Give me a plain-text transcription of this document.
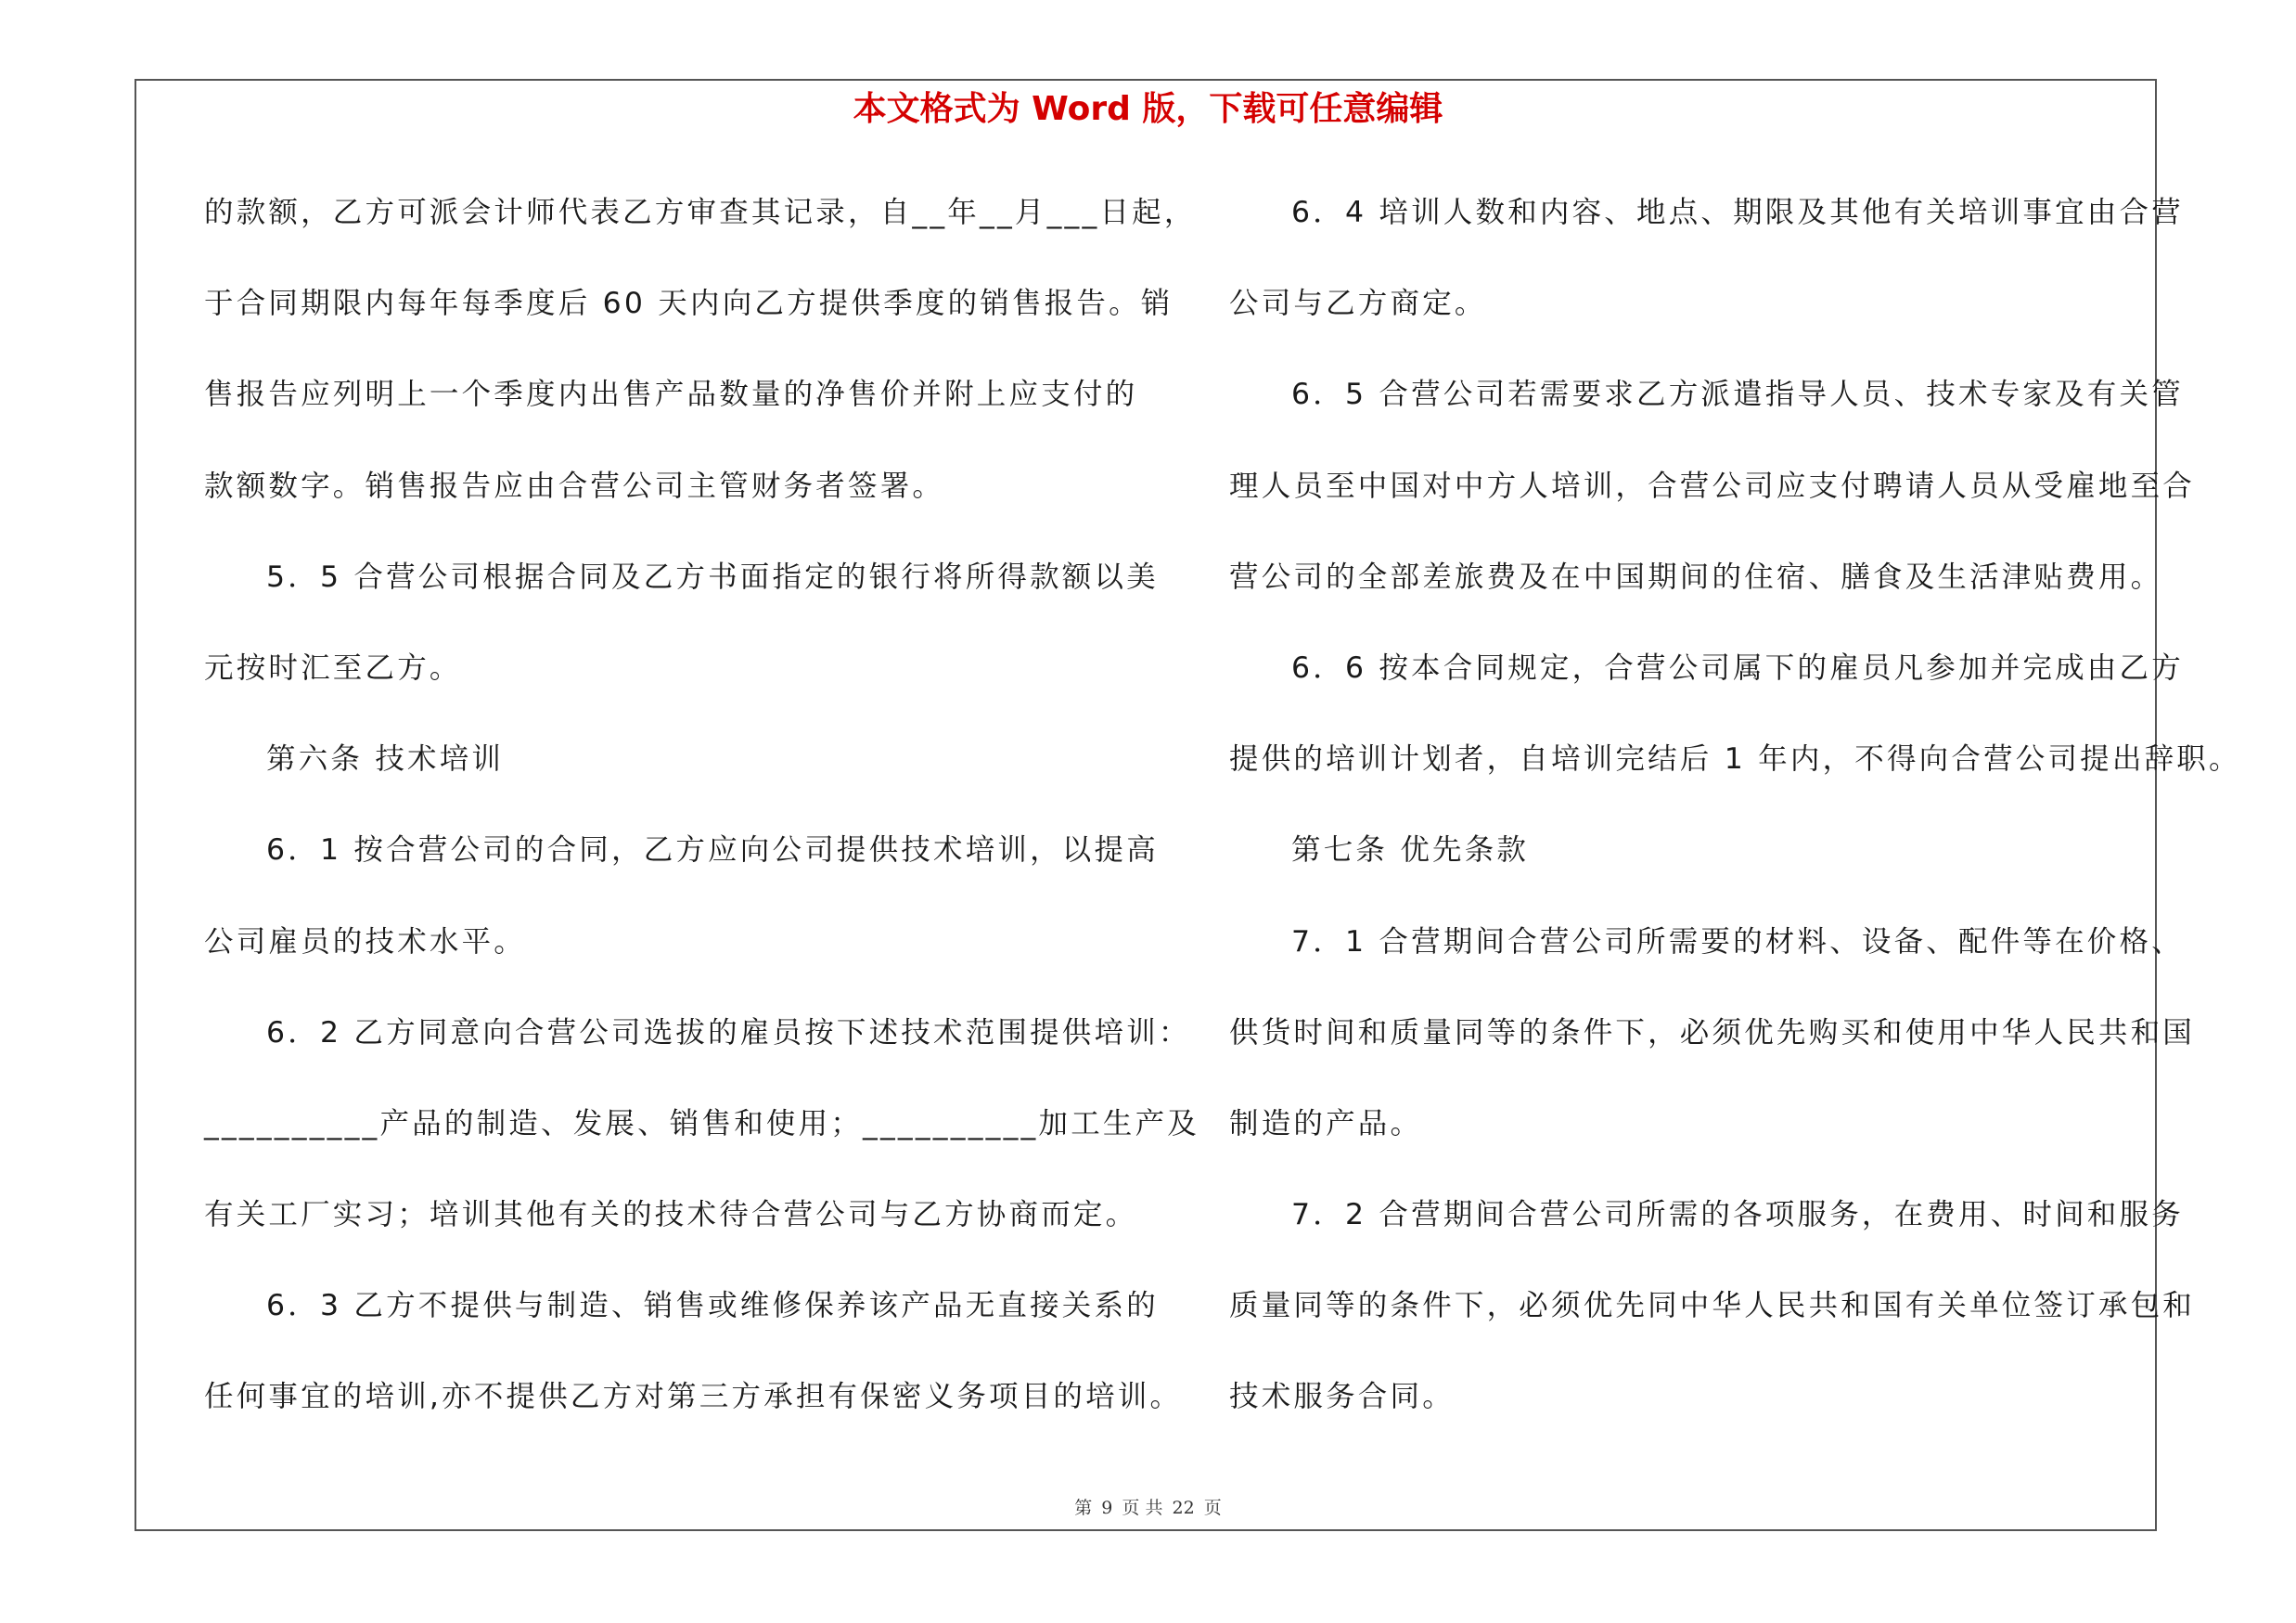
本文格式为 Word 版，下载可任意编辑
的款额，乙方可派会计师代表乙方审查其记录，自__年__月___日起，
于合同期限内每年每季度后 60 天内向乙方提供季度的销售报告。销
售报告应列明上一个季度内出售产品数量的净售价并附上应支付的
款额数字。销售报告应由合营公司主管财务者签署。
5．5 合营公司根据合同及乙方书面指定的银行将所得款额以美
元按时汇至乙方。
第六条 技术培训
6．1 按合营公司的合同，乙方应向公司提供技术培训，以提高
公司雇员的技术水平。
6．2 乙方同意向合营公司选拔的雇员按下述技术范围提供培训：
__________产品的制造、发展、销售和使用；__________加工生产及
有关工厂实习；培训其他有关的技术待合营公司与乙方协商而定。
6．3 乙方不提供与制造、销售或维修保养该产品无直接关系的
任何事宜的培训,亦不提供乙方对第三方承担有保密义务项目的培训。
6．4 培训人数和内容、地点、期限及其他有关培训事宜由合营
公司与乙方商定。
6．5 合营公司若需要求乙方派遣指导人员、技术专家及有关管
理人员至中国对中方人培训，合营公司应支付聘请人员从受雇地至合
营公司的全部差旅费及在中国期间的住宿、膳食及生活津贴费用。
6．6 按本合同规定，合营公司属下的雇员凡参加并完成由乙方
提供的培训计划者，自培训完结后 1 年内，不得向合营公司提出辞职。
第七条 优先条款
7．1 合营期间合营公司所需要的材料、设备、配件等在价格、
供货时间和质量同等的条件下，必须优先购买和使用中华人民共和国
制造的产品。
7．2 合营期间合营公司所需的各项服务，在费用、时间和服务
质量同等的条件下，必须优先同中华人民共和国有关单位签订承包和
技术服务合同。
第 9 页 共 22 页
